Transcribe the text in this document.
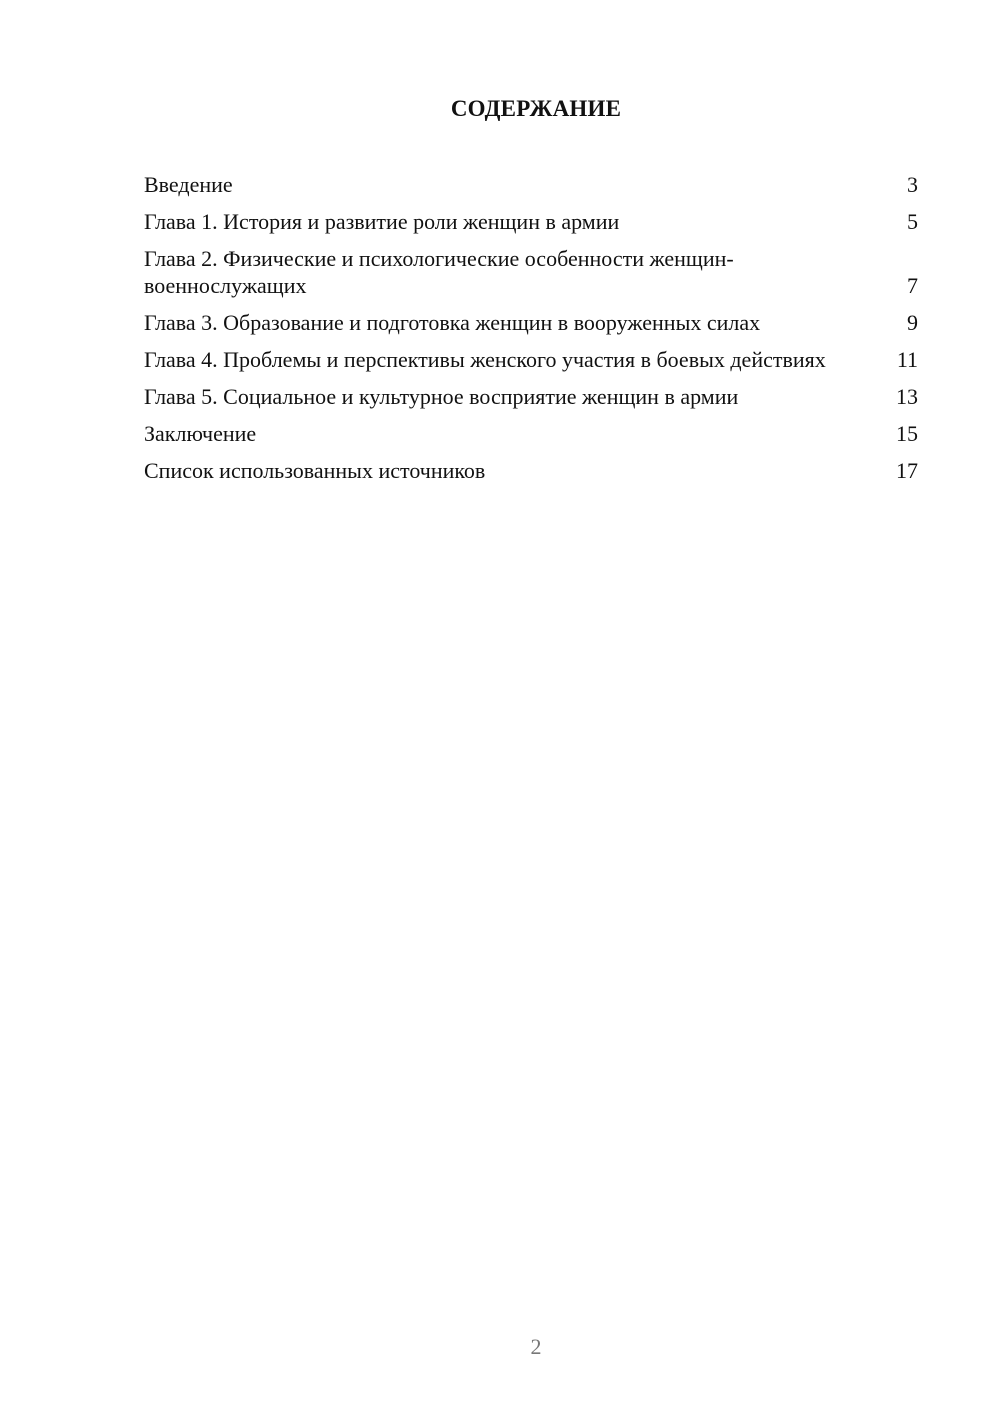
СОДЕРЖАНИЕ
Введение	3
Глава 1. История и развитие роли женщин в армии	5
Глава 2. Физические и психологические особенности женщин-военнослужащих	7
Глава 3. Образование и подготовка женщин в вооруженных силах	9
Глава 4. Проблемы и перспективы женского участия в боевых действиях	11
Глава 5. Социальное и культурное восприятие женщин в армии	13
Заключение	15
Список использованных источников	17
2
